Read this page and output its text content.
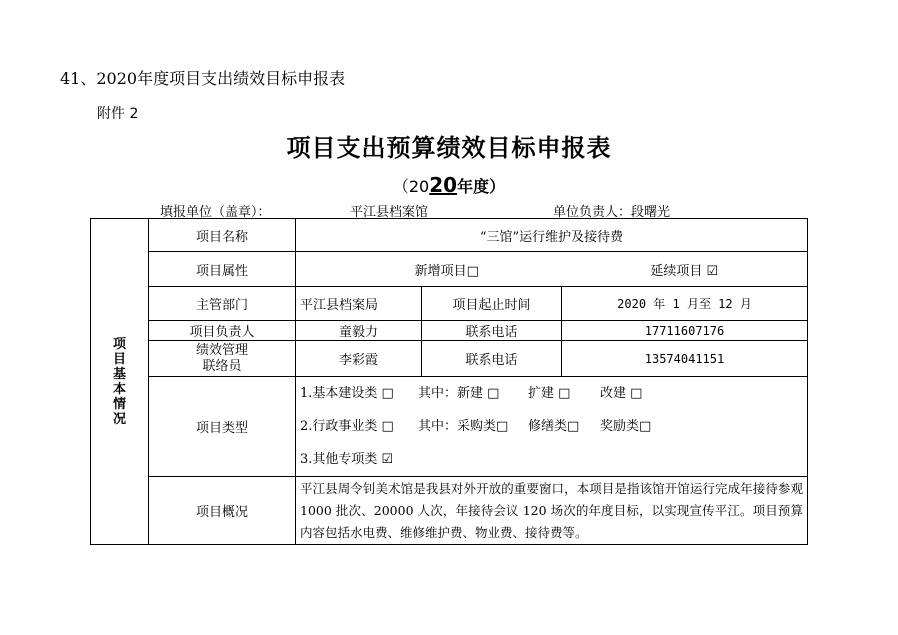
41、2020年度项目支出绩效目标申报表
附件 2
项目支出预算绩效目标申报表
（2020年度）
填报单位（盖章）：	平江县档案馆	单位负责人：段曙光
项目基本情况	项目名称	“三馆”运行维护及接待费		
	项目属性	新增项目□		延续项目 ☑
	主管部门	平江县档案局	项目起止时间	2020 年 1 月至 12 月
	项目负责人	童毅力	联系电话	17711607176
	绩效管理
联络员	李彩霞	联系电话	13574041151
	项目类型	1.基本建设类 □ 其中：新建 □ 扩建 □ 改建 □
2.行政事业类 □ 其中：采购类□ 修缮类□ 奖励类□
3.其他专项类 ☑		

	项目概况	平江县周令钊美术馆是我县对外开放的重要窗口，本项目是指该馆开馆运行完成年接待参观 1000 批次、20000 人次，年接待会议 120 场次的年度目标，以实现宣传平江。项目预算内容包括水电费、维修维护费、物业费、接待费等。		
